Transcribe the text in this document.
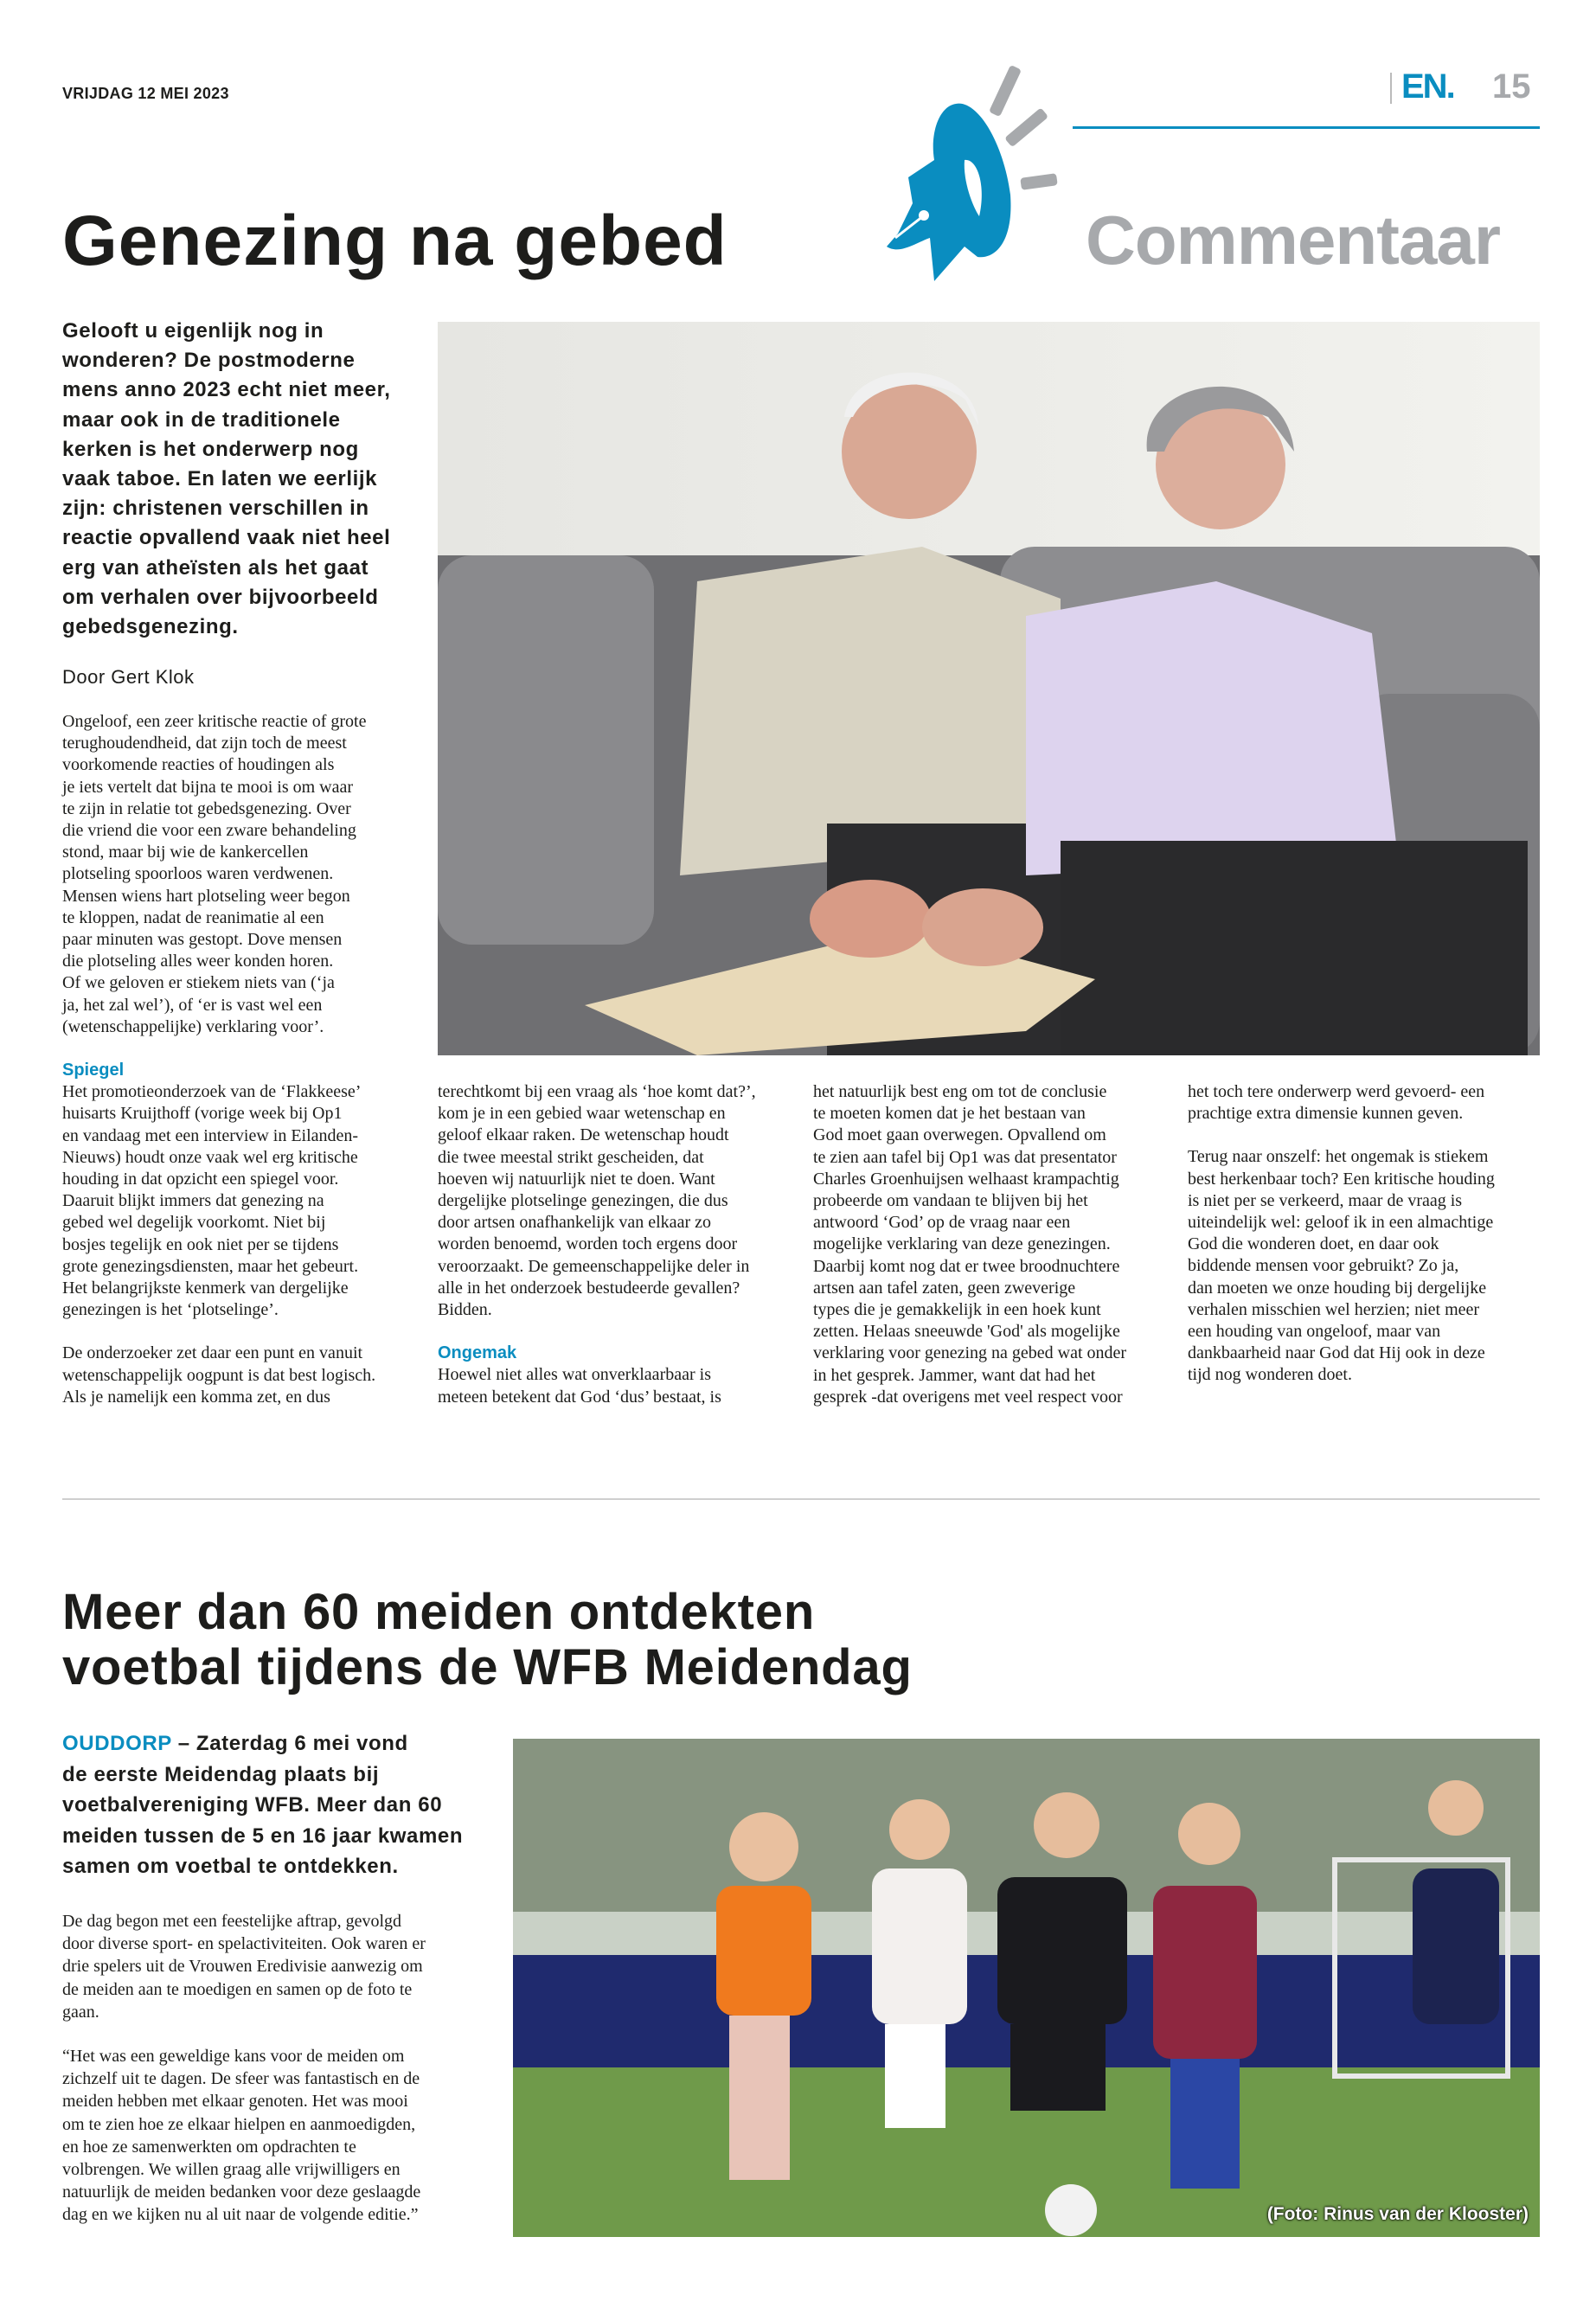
VRIJDAG 12 MEI 2023	EN. 15
Commentaar
Genezing na gebed
Gelooft u eigenlijk nog in
wonderen? De postmoderne
mens anno 2023 echt niet meer,
maar ook in de traditionele
kerken is het onderwerp nog
vaak taboe. En laten we eerlijk
zijn: christenen verschillen in
reactie opvallend vaak niet heel
erg van atheïsten als het gaat
om verhalen over bijvoorbeeld
gebedsgenezing.
Door Gert Klok
Ongeloof, een zeer kritische reactie of grote
terughoudendheid, dat zijn toch de meest
voorkomende reacties of houdingen als
je iets vertelt dat bijna te mooi is om waar
te zijn in relatie tot gebedsgenezing. Over
die vriend die voor een zware behandeling
stond, maar bij wie de kankercellen
plotseling spoorloos waren verdwenen.
Mensen wiens hart plotseling weer begon
te kloppen, nadat de reanimatie al een
paar minuten was gestopt. Dove mensen
die plotseling alles weer konden horen.
Of we geloven er stiekem niets van (‘ja
ja, het zal wel’), of ‘er is vast wel een
(wetenschappelijke) verklaring voor’.
Spiegel
Het promotieonderzoek van de ‘Flakkeese’
huisarts Kruijthoff (vorige week bij Op1
en vandaag met een interview in Eilanden-
Nieuws) houdt onze vaak wel erg kritische
houding in dat opzicht een spiegel voor.
Daaruit blijkt immers dat genezing na
gebed wel degelijk voorkomt. Niet bij
bosjes tegelijk en ook niet per se tijdens
grote genezingsdiensten, maar het gebeurt.
Het belangrijkste kenmerk van dergelijke
genezingen is het ‘plotselinge’.
De onderzoeker zet daar een punt en vanuit
wetenschappelijk oogpunt is dat best logisch.
Als je namelijk een komma zet, en dus
terechtkomt bij een vraag als ‘hoe komt dat?’,
kom je in een gebied waar wetenschap en
geloof elkaar raken. De wetenschap houdt
die twee meestal strikt gescheiden, dat
hoeven wij natuurlijk niet te doen. Want
dergelijke plotselinge genezingen, die dus
door artsen onafhankelijk van elkaar zo
worden benoemd, worden toch ergens door
veroorzaakt. De gemeenschappelijke deler in
alle in het onderzoek bestudeerde gevallen?
Bidden.
Ongemak
Hoewel niet alles wat onverklaarbaar is
meteen betekent dat God ‘dus’ bestaat, is
het natuurlijk best eng om tot de conclusie
te moeten komen dat je het bestaan van
God moet gaan overwegen. Opvallend om
te zien aan tafel bij Op1 was dat presentator
Charles Groenhuijsen welhaast krampachtig
probeerde om vandaan te blijven bij het
antwoord ‘God’ op de vraag naar een
mogelijke verklaring van deze genezingen.
Daarbij komt nog dat er twee broodnuchtere
artsen aan tafel zaten, geen zweverige
types die je gemakkelijk in een hoek kunt
zetten. Helaas sneeuwde 'God' als mogelijke
verklaring voor genezing na gebed wat onder
in het gesprek. Jammer, want dat had het
gesprek -dat overigens met veel respect voor
het toch tere onderwerp werd gevoerd- een
prachtige extra dimensie kunnen geven.
Terug naar onszelf: het ongemak is stiekem
best herkenbaar toch? Een kritische houding
is niet per se verkeerd, maar de vraag is
uiteindelijk wel: geloof ik in een almachtige
God die wonderen doet, en daar ook
biddende mensen voor gebruikt? Zo ja,
dan moeten we onze houding bij dergelijke
verhalen misschien wel herzien; niet meer
een houding van ongeloof, maar van
dankbaarheid naar God dat Hij ook in deze
tijd nog wonderen doet.
Meer dan 60 meiden ontdekten
voetbal tijdens de WFB Meidendag
OUDDORP – Zaterdag 6 mei vond
de eerste Meidendag plaats bij
voetbalvereniging WFB. Meer dan 60
meiden tussen de 5 en 16 jaar kwamen
samen om voetbal te ontdekken.
De dag begon met een feestelijke aftrap, gevolgd
door diverse sport- en spelactiviteiten. Ook waren er
drie spelers uit de Vrouwen Eredivisie aanwezig om
de meiden aan te moedigen en samen op de foto te
gaan.
“Het was een geweldige kans voor de meiden om
zichzelf uit te dagen. De sfeer was fantastisch en de
meiden hebben met elkaar genoten. Het was mooi
om te zien hoe ze elkaar hielpen en aanmoedigden,
en hoe ze samenwerkten om opdrachten te
volbrengen. We willen graag alle vrijwilligers en
natuurlijk de meiden bedanken voor deze geslaagde
dag en we kijken nu al uit naar de volgende editie.”	(Foto: Rinus van der Klooster)
